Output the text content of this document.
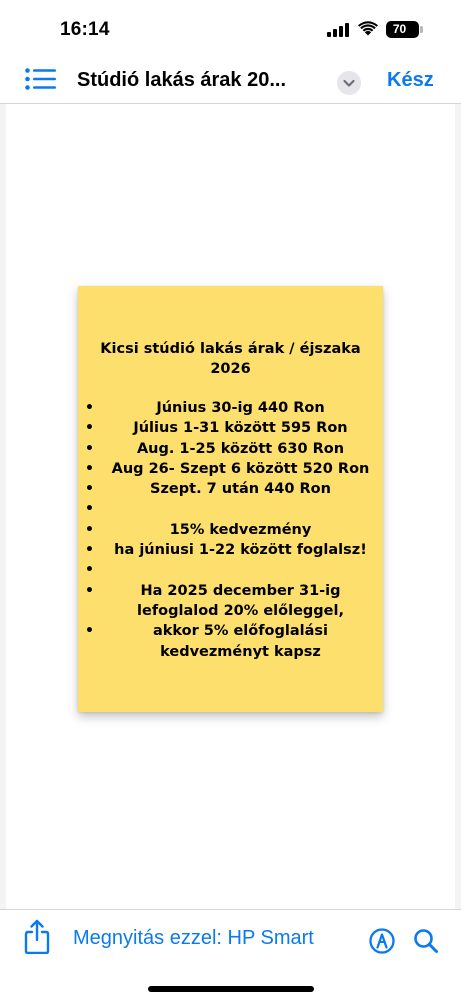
16:14	70
Stúdió lakás árak 20...	Kész
Kicsi stúdió lakás árak / éjszaka
2026
•	Június 30-ig 440 Ron
•	Július 1-31 között 595 Ron
•	Aug. 1-25 között 630 Ron
• Aug 26- Szept 6 között 520 Ron
•	Szept. 7 után 440 Ron
•
•	15% kedvezmény
• ha júniusi 1-22 között foglalsz!
•
•	Ha 2025 december 31-ig
lefoglalod 20% előleggel,
•	akkor 5% előfoglalási
kedvezményt kapsz
Megnyitás ezzel: HP Smart
